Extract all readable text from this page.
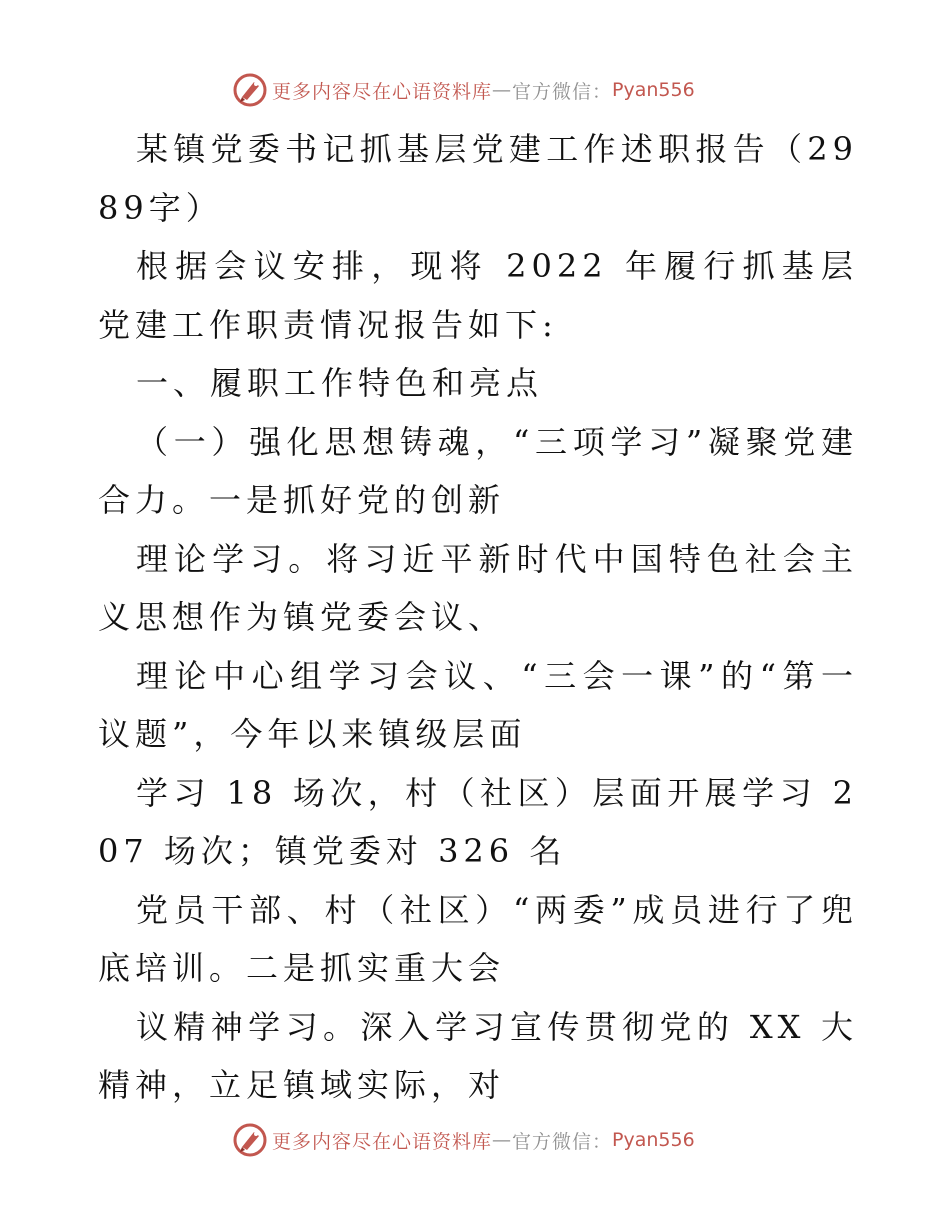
更多内容尽在心语资料库 — 官方微信： Pyan556

某镇党委书记抓基层党建工作述职报告（2989字）

根据会议安排，现将 2022 年履行抓基层党建工作职责情况报告如下:

一、履职工作特色和亮点

（一）强化思想铸魂，“三项学习”凝聚党建合力。一是抓好党的创新

理论学习。将习近平新时代中国特色社会主义思想作为镇党委会议、

理论中心组学习会议、“三会一课”的“第一议题”，今年以来镇级层面

学习 18 场次，村（社区）层面开展学习 207 场次；镇党委对 326 名

党员干部、村（社区）“两委”成员进行了兜底培训。二是抓实重大会

议精神学习。深入学习宣传贯彻党的 XX 大精神，立足镇域实际，对

更多内容尽在心语资料库 — 官方微信： Pyan556
